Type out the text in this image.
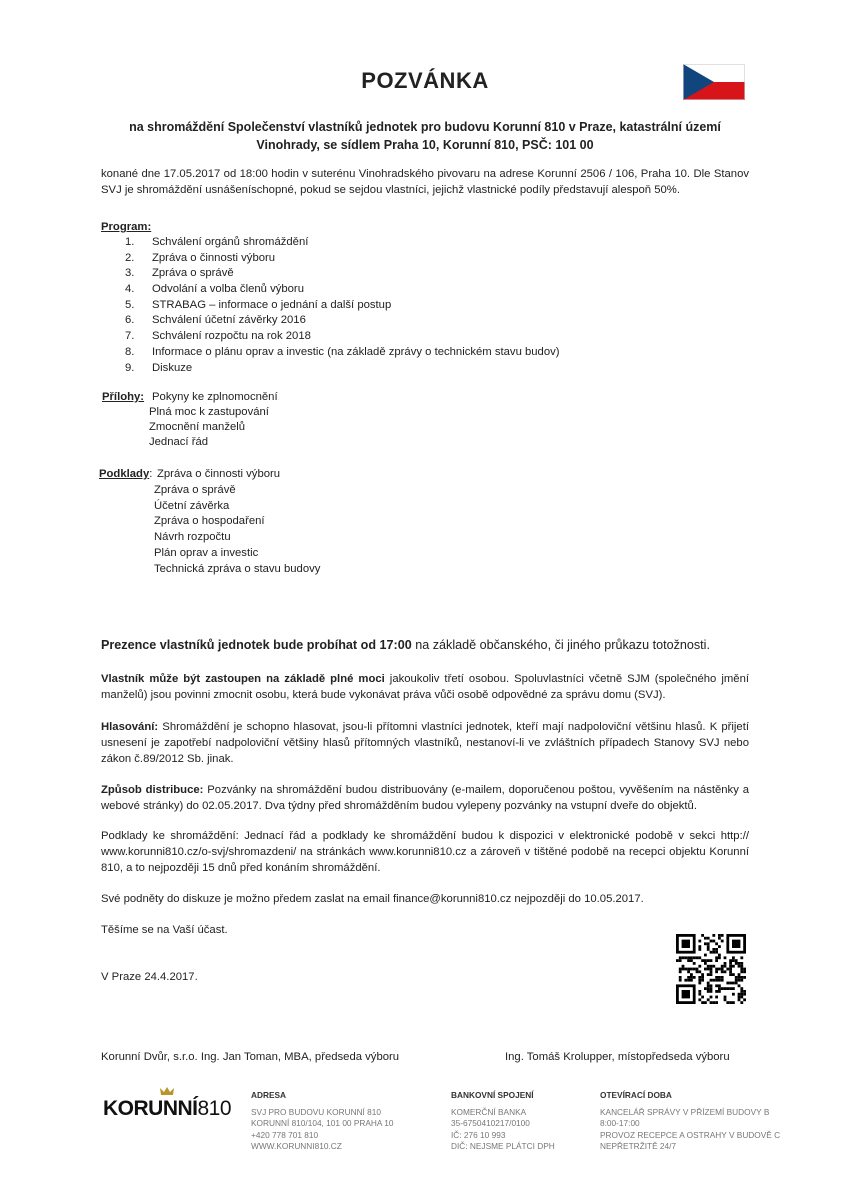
POZVÁNKA
na shromáždění Společenství vlastníků jednotek pro budovu Korunní 810 v Praze, katastrální území
Vinohrady, se sídlem Praha 10, Korunní 810, PSČ: 101 00
konané dne 17.05.2017 od 18:00 hodin v suterénu Vinohradského pivovaru na adrese Korunní 2506 / 106, Praha 10. Dle Stanov SVJ je shromáždění usnášeníschopné, pokud se sejdou vlastníci, jejichž vlastnické podíly představují alespoň 50%.
Program:
1.	Schválení orgánů shromáždění
2.	Zpráva o činnosti výboru
3.	Zpráva o správě
4.	Odvolání a volba členů výboru
5.	STRABAG – informace o jednání a další postup
6.	Schválení účetní závěrky 2016
7.	Schválení rozpočtu na rok 2018
8.	Informace o plánu oprav a investic (na základě zprávy o technickém stavu budov)
9.	Diskuze
Přílohy: Pokyny ke zplnomocnění
Plná moc k zastupování
Zmocnění manželů
Jednací řád
Podklady: Zpráva o činnosti výboru
Zpráva o správě
Účetní závěrka
Zpráva o hospodaření
Návrh rozpočtu
Plán oprav a investic
Technická zpráva o stavu budovy
Prezence vlastníků jednotek bude probíhat od 17:00 na základě občanského, či jiného průkazu totožnosti.
Vlastník může být zastoupen na základě plné moci jakoukoliv třetí osobou. Spoluvlastníci včetně SJM (společného jmění manželů) jsou povinni zmocnit osobu, která bude vykonávat práva vůči osobě odpovědné za správu domu (SVJ).
Hlasování: Shromáždění je schopno hlasovat, jsou-li přítomni vlastníci jednotek, kteří mají nadpoloviční většinu hlasů. K přijetí usnesení je zapotřebí nadpoloviční většiny hlasů přítomných vlastníků, nestanoví-li ve zvláštních případech Stanovy SVJ nebo zákon č.89/2012 Sb. jinak.
Způsob distribuce: Pozvánky na shromáždění budou distribuovány (e-mailem, doporučenou poštou, vyvěšením na nástěnky a webové stránky) do 02.05.2017. Dva týdny před shromážděním budou vylepeny pozvánky na vstupní dveře do objektů.
Podklady ke shromáždění: Jednací řád a podklady ke shromáždění budou k dispozici v elektronické podobě v sekci http:// www.korunni810.cz/o-svj/shromazdeni/ na stránkách www.korunni810.cz a zároveň v tištěné podobě na recepci objektu Korunní 810, a to nejpozději 15 dnů před konáním shromáždění.
Své podněty do diskuze je možno předem zaslat na email finance@korunni810.cz nejpozději do 10.05.2017.
Těšíme se na Vaší účast.
V Praze 24.4.2017.
Korunní Dvůr, s.r.o. Ing. Jan Toman, MBA, předseda výboru	Ing. Tomáš Krolupper, místopředseda výboru
KORUNNÍ810
ADRESA
SVJ PRO BUDOVU KORUNNÍ 810
KORUNNÍ 810/104, 101 00 PRAHA 10
+420 778 701 810
WWW.KORUNNI810.CZ
BANKOVNÍ SPOJENÍ
KOMERČNÍ BANKA
35-6750410217/0100
IČ: 276 10 993
DIČ: NEJSME PLÁTCI DPH
OTEVÍRACÍ DOBA
KANCELÁŘ SPRÁVY V PŘÍZEMÍ BUDOVY B
8:00-17:00
PROVOZ RECEPCE A OSTRAHY V BUDOVĚ C
NEPŘETRŽITĚ 24/7
